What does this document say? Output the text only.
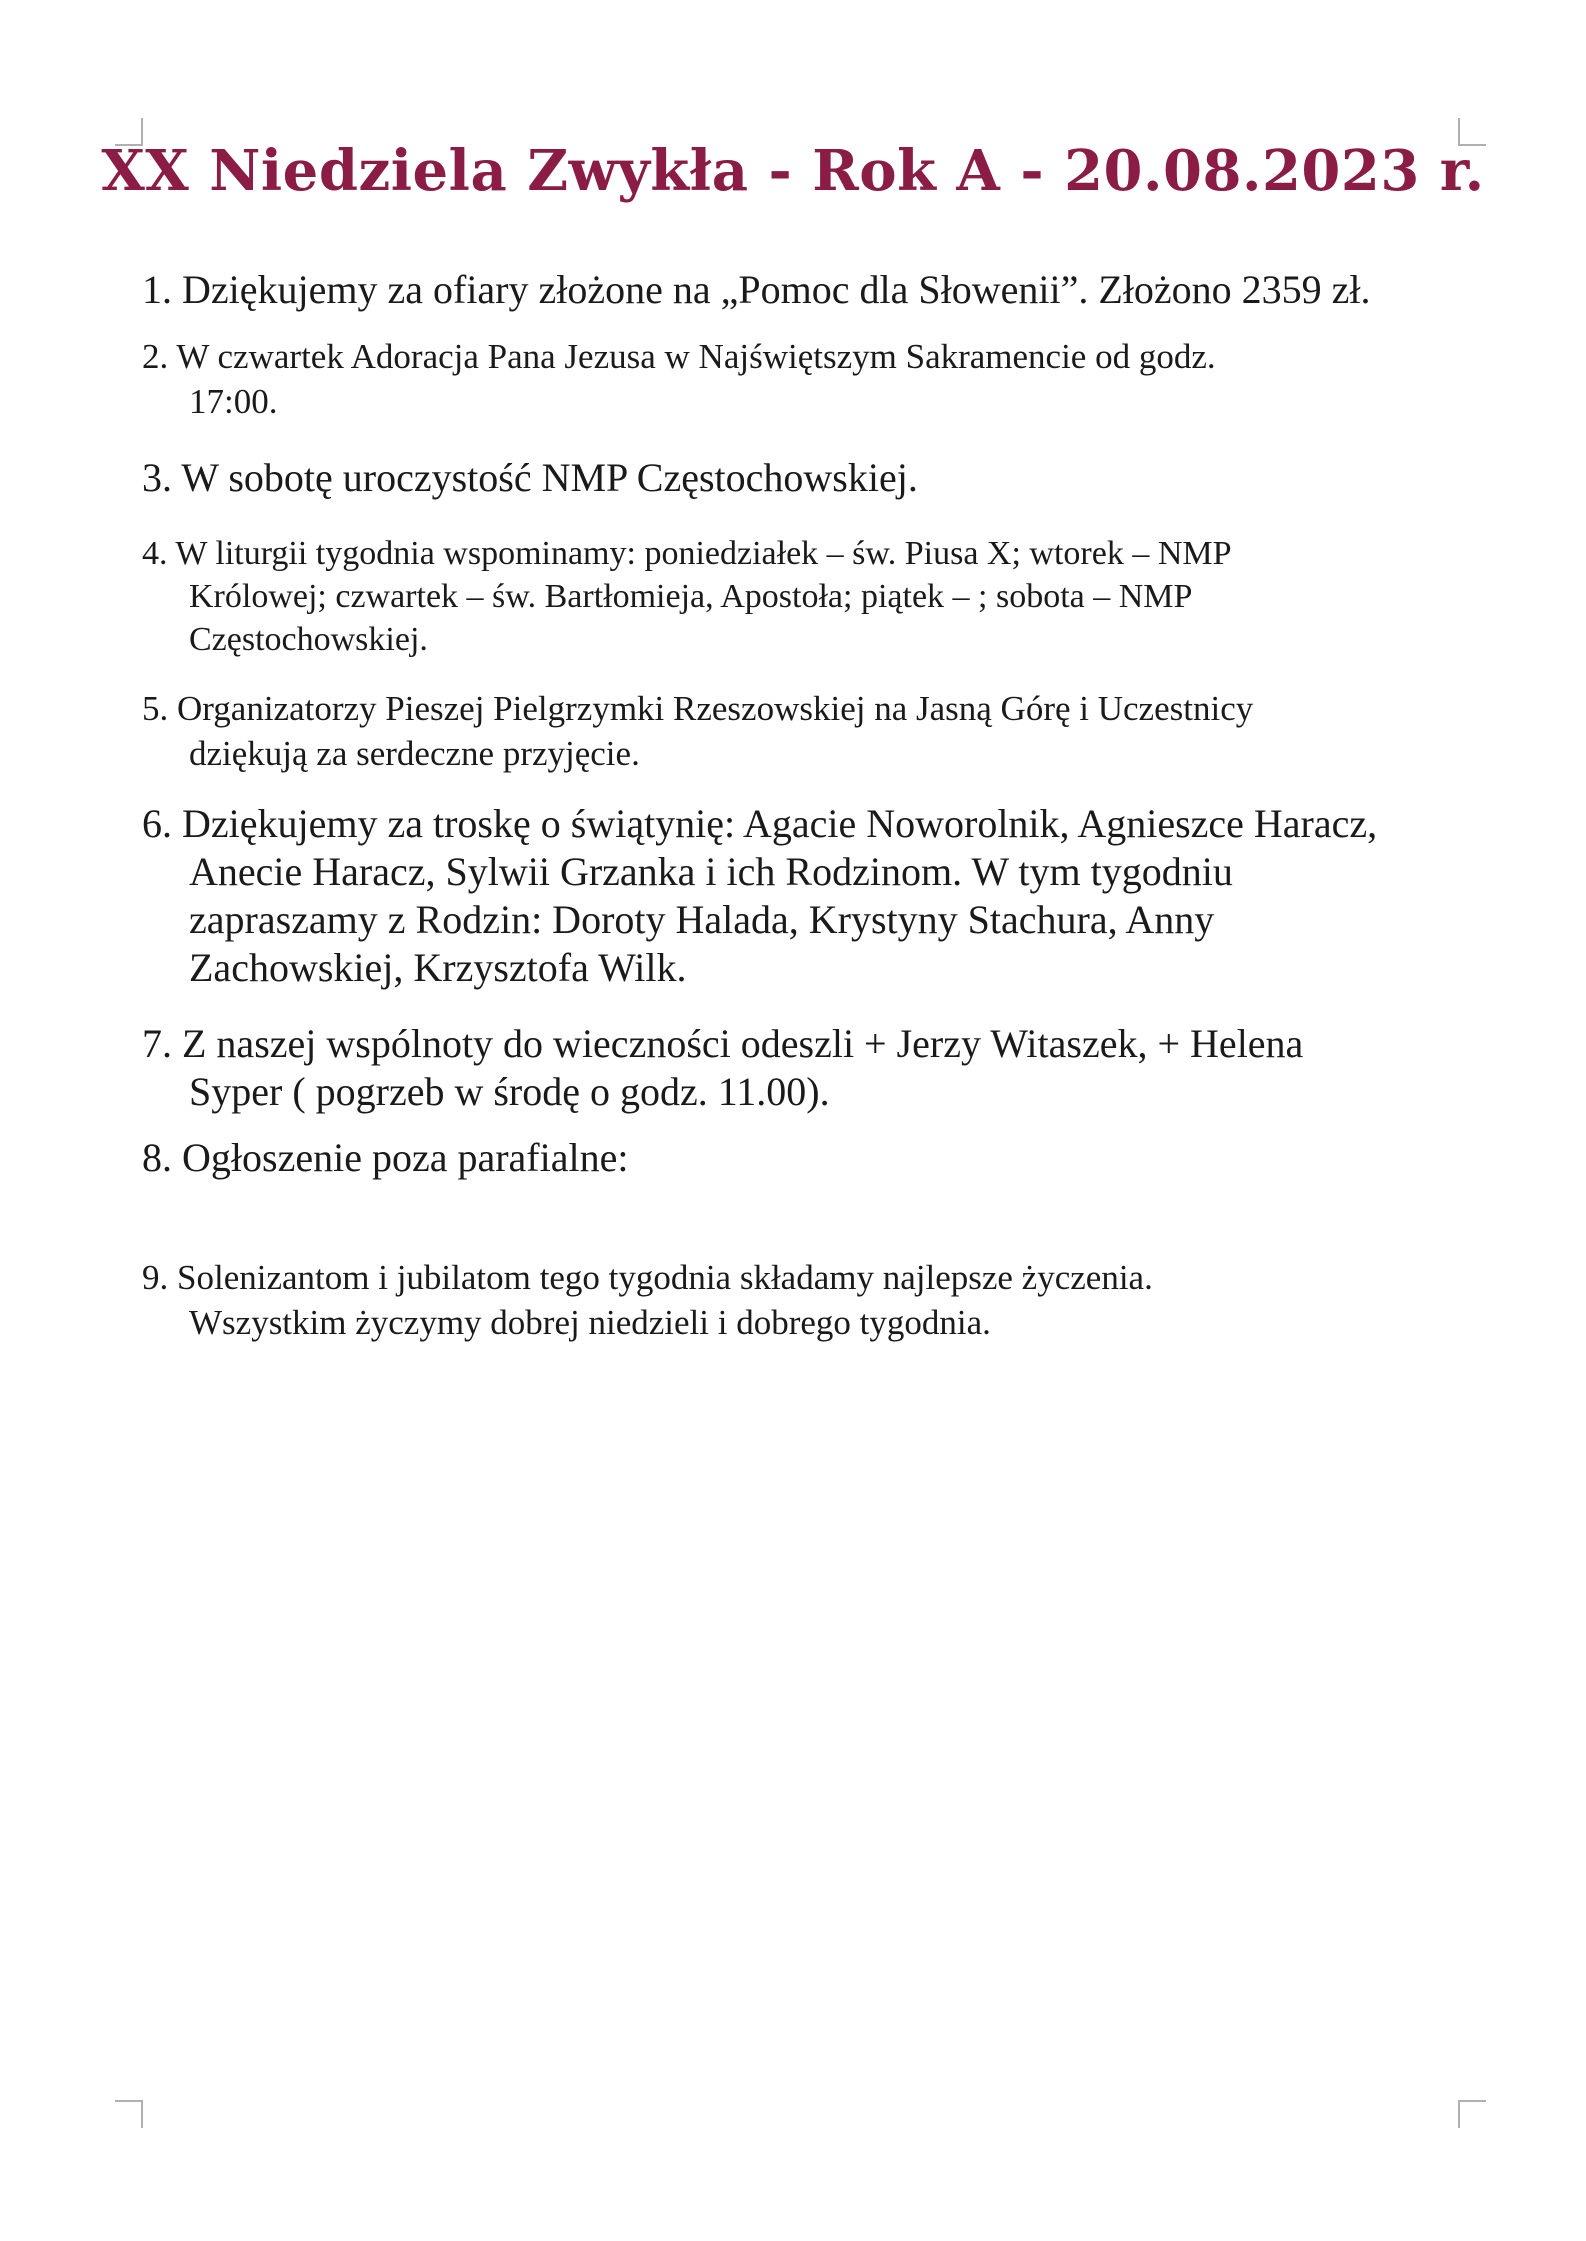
XX Niedziela Zwykła - Rok A - 20.08.2023 r.
1. Dziękujemy za ofiary złożone na „Pomoc dla Słowenii”. Złożono 2359 zł.
2. W czwartek Adoracja Pana Jezusa w Najświętszym Sakramencie od godz.
17:00.
3. W sobotę uroczystość NMP Częstochowskiej.
4. W liturgii tygodnia wspominamy: poniedziałek – św. Piusa X; wtorek – NMP
Królowej; czwartek – św. Bartłomieja, Apostoła; piątek – ; sobota – NMP
Częstochowskiej.
5. Organizatorzy Pieszej Pielgrzymki Rzeszowskiej na Jasną Górę i Uczestnicy
dziękują za serdeczne przyjęcie.
6. Dziękujemy za troskę o świątynię: Agacie Noworolnik, Agnieszce Haracz,
Anecie Haracz, Sylwii Grzanka i ich Rodzinom. W tym tygodniu
zapraszamy z Rodzin: Doroty Halada, Krystyny Stachura, Anny
Zachowskiej, Krzysztofa Wilk.
7. Z naszej wspólnoty do wieczności odeszli + Jerzy Witaszek, + Helena
Syper ( pogrzeb w środę o godz. 11.00).
8. Ogłoszenie poza parafialne:
9. Solenizantom i jubilatom tego tygodnia składamy najlepsze życzenia.
Wszystkim życzymy dobrej niedzieli i dobrego tygodnia.
